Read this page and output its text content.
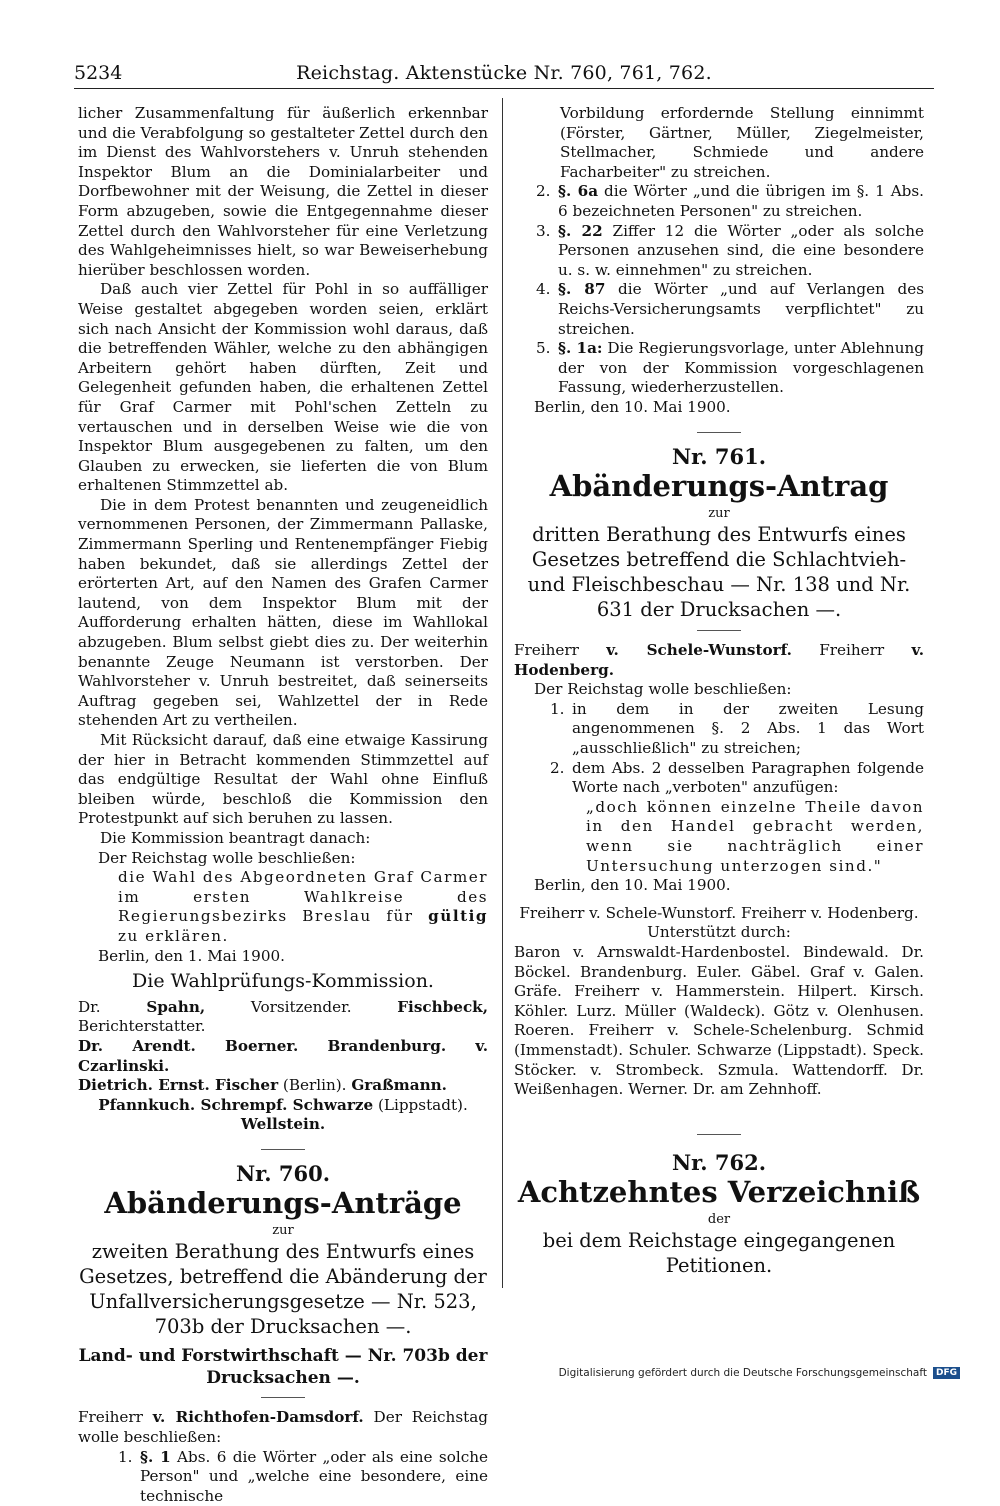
5234	Reichstag. Aktenstücke Nr. 760, 761, 762.

licher Zusammenfaltung für äußerlich erkennbar und die Verabfolgung so gestalteter Zettel durch den im Dienst des Wahlvorstehers v. Unruh stehenden Inspektor Blum an die Dominialarbeiter und Dorfbewohner mit der Weisung, die Zettel in dieser Form abzugeben, sowie die Entgegennahme dieser Zettel durch den Wahlvorsteher für eine Verletzung des Wahlgeheimnisses hielt, so war Beweiserhebung hierüber beschlossen worden.

Daß auch vier Zettel für Pohl in so auffälliger Weise gestaltet abgegeben worden seien, erklärt sich nach Ansicht der Kommission wohl daraus, daß die betreffenden Wähler, welche zu den abhängigen Arbeitern gehört haben dürften, Zeit und Gelegenheit gefunden haben, die erhaltenen Zettel für Graf Carmer mit Pohl'schen Zetteln zu vertauschen und in derselben Weise wie die von Inspektor Blum ausgegebenen zu falten, um den Glauben zu erwecken, sie lieferten die von Blum erhaltenen Stimmzettel ab.

Die in dem Protest benannten und zeugeneidlich vernommenen Personen, der Zimmermann Pallaske, Zimmermann Sperling und Rentenempfänger Fiebig haben bekundet, daß sie allerdings Zettel der erörterten Art, auf den Namen des Grafen Carmer lautend, von dem Inspektor Blum mit der Aufforderung erhalten hätten, diese im Wahllokal abzugeben. Blum selbst giebt dies zu. Der weiterhin benannte Zeuge Neumann ist verstorben. Der Wahlvorsteher v. Unruh bestreitet, daß seinerseits Auftrag gegeben sei, Wahlzettel der in Rede stehenden Art zu vertheilen.

Mit Rücksicht darauf, daß eine etwaige Kassirung der hier in Betracht kommenden Stimmzettel auf das endgültige Resultat der Wahl ohne Einfluß bleiben würde, beschloß die Kommission den Protestpunkt auf sich beruhen zu lassen.

Die Kommission beantragt danach:

Der Reichstag wolle beschließen:

die Wahl des Abgeordneten Graf Carmer im ersten Wahlkreise des Regierungsbezirks Breslau für gültig zu erklären.

Berlin, den 1. Mai 1900.

Die Wahlprüfungs-Kommission.

Dr.	Spahn,	Vorsitzender.	Fischbeck, Berichterstatter.

Dr. Arendt. Boerner. Brandenburg. v. Czarlinski.

Dietrich. Ernst. Fischer (Berlin). Graßmann.

Pfannkuch. Schrempf. Schwarze (Lippstadt).

Wellstein.

Nr. 760.
Abänderungs-Anträge
zur
zweiten Berathung des Entwurfs eines Gesetzes, betreffend die Abänderung der Unfallversicherungsgesetze — Nr. 523, 703b der Drucksachen —.
Land- und Forstwirthschaft — Nr. 703b der Drucksachen —.

Freiherr v. Richthofen-Damsdorf. Der Reichstag wolle beschließen:

1. §. 1 Abs. 6 die Wörter „oder als eine solche Person" und „welche eine besondere, eine technische

Vorbildung erfordernde Stellung einnimmt (Förster, Gärtner, Müller, Ziegelmeister, Stellmacher, Schmiede und andere Facharbeiter" zu streichen.

2. §. 6a die Wörter „und die übrigen im §. 1 Abs. 6 bezeichneten Personen" zu streichen.
3. §. 22 Ziffer 12 die Wörter „oder als solche Personen anzusehen sind, die eine besondere u. s. w. einnehmen" zu streichen.
4. §. 87 die Wörter „und auf Verlangen des Reichs-Versicherungsamts verpflichtet" zu streichen.
5. §. 1a: Die Regierungsvorlage, unter Ablehnung der von der Kommission vorgeschlagenen Fassung, wiederherzustellen.

Berlin, den 10. Mai 1900.

Nr. 761.
Abänderungs-Antrag
zur
dritten Berathung des Entwurfs eines Gesetzes betreffend die Schlachtvieh- und Fleischbeschau — Nr. 138 und Nr. 631 der Drucksachen —.

Freiherr v. Schele-Wunstorf. Freiherr v. Hodenberg.

Der Reichstag wolle beschließen:

1. in dem in der zweiten Lesung angenommenen §. 2 Abs. 1 das Wort „ausschließlich" zu streichen;
2. dem Abs. 2 desselben Paragraphen folgende Worte nach „verboten" anzufügen:

„doch können einzelne Theile davon in den Handel gebracht werden, wenn sie nachträglich einer Untersuchung unterzogen sind."

Berlin, den 10. Mai 1900.

Freiherr v. Schele-Wunstorf. Freiherr v. Hodenberg.

Unterstützt durch:

Baron v. Arnswaldt-Hardenbostel. Bindewald. Dr. Böckel. Brandenburg. Euler. Gäbel. Graf v. Galen. Gräfe. Freiherr v. Hammerstein. Hilpert. Kirsch. Köhler. Lurz. Müller (Waldeck). Götz v. Olenhusen. Roeren. Freiherr v. Schele-Schelenburg. Schmid (Immenstadt). Schuler. Schwarze (Lippstadt). Speck. Stöcker. v. Strombeck. Szmula. Wattendorff. Dr. Weißenhagen. Werner. Dr. am Zehnhoff.

Nr. 762.
Achtzehntes Verzeichniß
der
bei dem Reichstage eingegangenen Petitionen.
Digitalisierung gefördert durch die Deutsche Forschungsgemeinschaft	DFG
